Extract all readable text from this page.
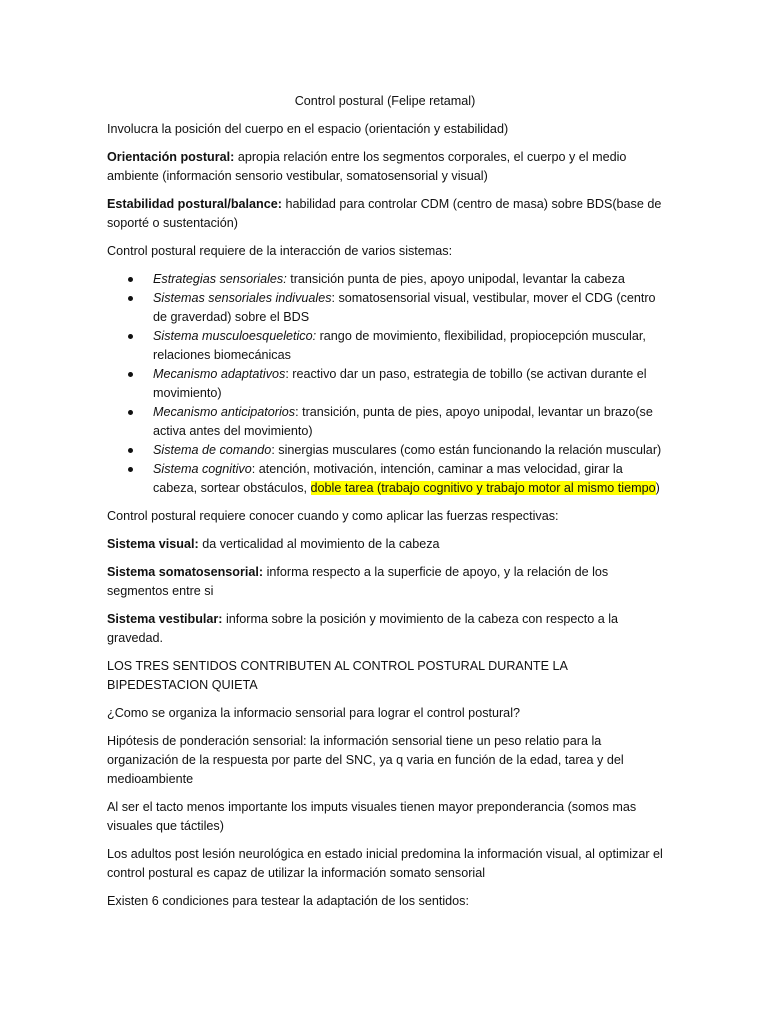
Control postural (Felipe retamal)

Involucra la posición del cuerpo en el espacio (orientación y estabilidad)

Orientación postural: apropia relación entre los segmentos corporales, el cuerpo y el medio ambiente (información sensorio vestibular, somatosensorial y visual)

Estabilidad postural/balance: habilidad para controlar CDM (centro de masa) sobre BDS(base de soporté o sustentación)

Control postural requiere de la interacción de varios sistemas:

Estrategias sensoriales: transición punta de pies, apoyo unipodal, levantar la cabeza
Sistemas sensoriales indivuales: somatosensorial visual, vestibular, mover el CDG (centro de graverdad) sobre el BDS
Sistema musculoesqueletico: rango de movimiento, flexibilidad, propiocepción muscular, relaciones biomecánicas
Mecanismo adaptativos: reactivo dar un paso, estrategia de tobillo (se activan durante el movimiento)
Mecanismo anticipatorios: transición, punta de pies, apoyo unipodal, levantar un brazo(se activa antes del movimiento)
Sistema de comando: sinergias musculares (como están funcionando la relación muscular)
Sistema cognitivo: atención, motivación, intención, caminar a mas velocidad, girar la cabeza, sortear obstáculos, doble tarea (trabajo cognitivo y trabajo motor al mismo tiempo)

Control postural requiere conocer cuando y como aplicar las fuerzas respectivas:

Sistema visual: da verticalidad al movimiento de la cabeza

Sistema somatosensorial: informa respecto a la superficie de apoyo, y la relación de los segmentos entre si

Sistema vestibular: informa sobre la posición y movimiento de la cabeza con respecto a la gravedad.

LOS TRES SENTIDOS CONTRIBUTEN AL CONTROL POSTURAL DURANTE LA BIPEDESTACION QUIETA

¿Como se organiza la informacio sensorial para lograr el control postural?

Hipótesis de ponderación sensorial: la información sensorial tiene un peso relatio para la organización de la respuesta por parte del SNC, ya q varia en función de la edad, tarea y del medioambiente

Al ser el tacto menos importante los imputs visuales tienen mayor preponderancia (somos mas visuales que táctiles)

Los adultos post lesión neurológica en estado inicial predomina la información visual, al optimizar el control postural es capaz de utilizar la información somato sensorial

Existen 6 condiciones para testear la adaptación de los sentidos:
